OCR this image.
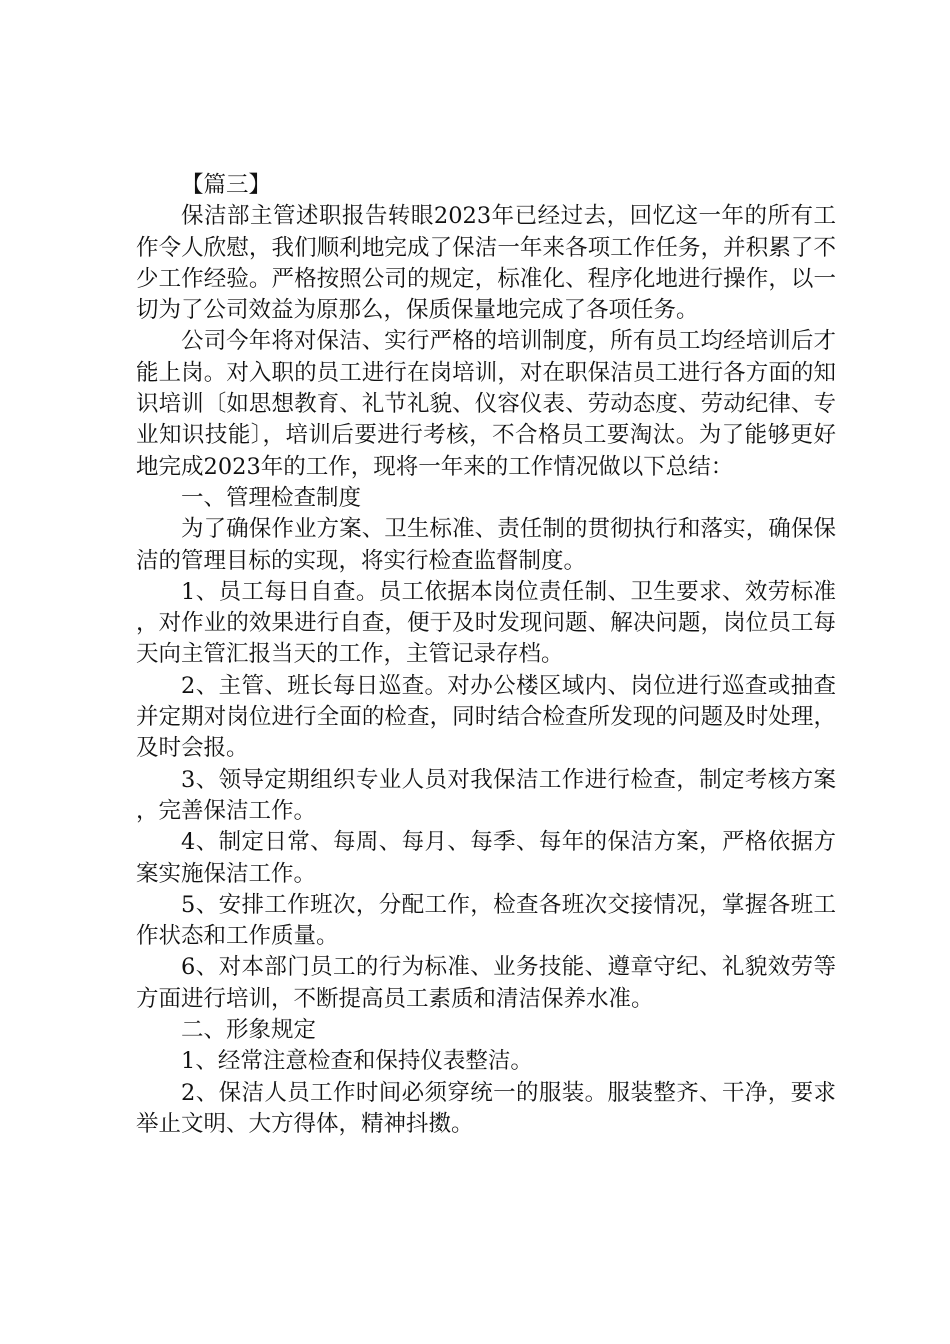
【篇三】

保洁部主管述职报告转眼2023年已经过去，回忆这一年的所有工作令人欣慰，我们顺利地完成了保洁一年来各项工作任务，并积累了不少工作经验。严格按照公司的规定，标准化、程序化地进行操作，以一切为了公司效益为原那么，保质保量地完成了各项任务。

公司今年将对保洁、实行严格的培训制度，所有员工均经培训后才能上岗。对入职的员工进行在岗培训，对在职保洁员工进行各方面的知识培训〔如思想教育、礼节礼貌、仪容仪表、劳动态度、劳动纪律、专业知识技能〕，培训后要进行考核，不合格员工要淘汰。为了能够更好地完成2023年的工作，现将一年来的工作情况做以下总结：

一、管理检查制度

为了确保作业方案、卫生标准、责任制的贯彻执行和落实，确保保洁的管理目标的实现，将实行检查监督制度。

1、员工每日自查。员工依据本岗位责任制、卫生要求、效劳标准，对作业的效果进行自查，便于及时发现问题、解决问题，岗位员工每天向主管汇报当天的工作，主管记录存档。

2、主管、班长每日巡查。对办公楼区域内、岗位进行巡查或抽查并定期对岗位进行全面的检查，同时结合检查所发现的问题及时处理，及时会报。

3、领导定期组织专业人员对我保洁工作进行检查，制定考核方案，完善保洁工作。

4、制定日常、每周、每月、每季、每年的保洁方案，严格依据方案实施保洁工作。

5、安排工作班次，分配工作，检查各班次交接情况，掌握各班工作状态和工作质量。

6、对本部门员工的行为标准、业务技能、遵章守纪、礼貌效劳等方面进行培训，不断提高员工素质和清洁保养水准。

二、形象规定

1、经常注意检查和保持仪表整洁。

2、保洁人员工作时间必须穿统一的服装。服装整齐、干净，要求举止文明、大方得体，精神抖擞。
